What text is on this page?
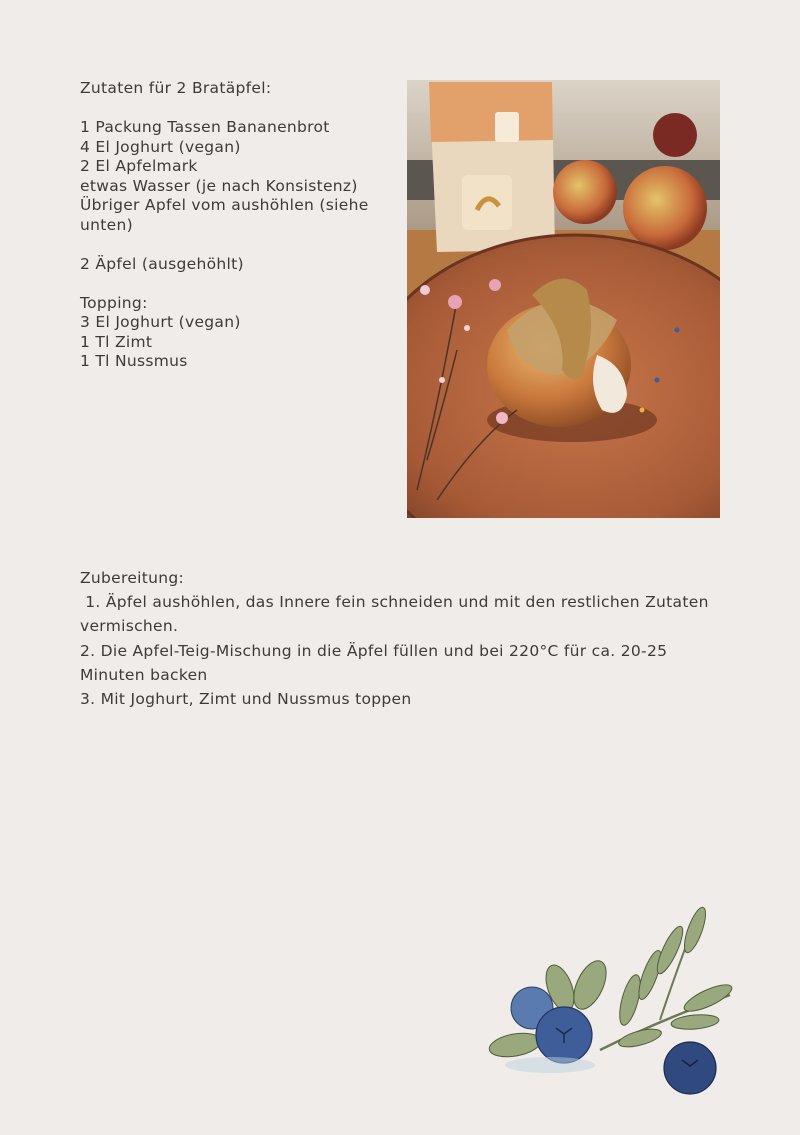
Zutaten für 2 Bratäpfel:
1 Packung Tassen Bananenbrot
4 El Joghurt (vegan)
2 El Apfelmark
etwas Wasser (je nach Konsistenz)
Übriger Apfel vom aushöhlen (siehe unten)
2 Äpfel (ausgehöhlt)
Topping:
3 El Joghurt (vegan)
1 Tl Zimt
1 Tl Nussmus
Zubereitung:
1. Äpfel aushöhlen, das Innere fein schneiden und mit den restlichen Zutaten vermischen.
2. Die Apfel-Teig-Mischung in die Äpfel füllen und bei 220°C für ca. 20-25 Minuten backen
3. Mit Joghurt, Zimt und Nussmus toppen
